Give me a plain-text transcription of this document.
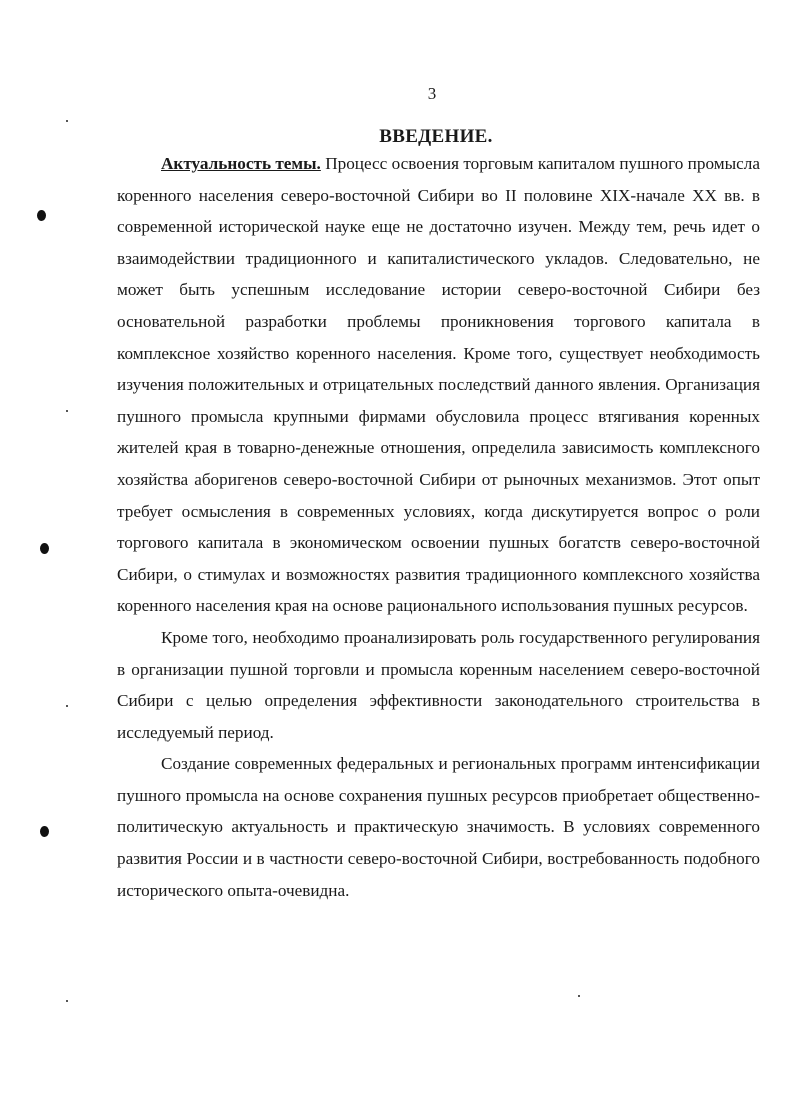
3
ВВЕДЕНИЕ.

Актуальность темы. Процесс освоения торговым капиталом пушного промысла коренного населения северо-восточной Сибири во II половине XIX-начале XX вв. в современной исторической науке еще не достаточно изучен. Между тем, речь идет о взаимодействии традиционного и капиталистического укладов. Следовательно, не может быть успешным исследование истории северо-восточной Сибири без основательной разработки проблемы проникновения торгового капитала в комплексное хозяйство коренного населения. Кроме того, существует необходимость изучения положительных и отрицательных последствий данного явления. Организация пушного промысла крупными фирмами обусловила процесс втягивания коренных жителей края в товарно-денежные отношения, определила зависимость комплексного хозяйства аборигенов северо-восточной Сибири от рыночных механизмов. Этот опыт требует осмысления в современных условиях, когда дискутируется вопрос о роли торгового капитала в экономическом освоении пушных богатств северо-восточной Сибири, о стимулах и возможностях развития традиционного комплексного хозяйства коренного населения края на основе рационального использования пушных ресурсов.

Кроме того, необходимо проанализировать роль государственного регулирования в организации пушной торговли и промысла коренным населением северо-восточной Сибири с целью определения эффективности законодательного строительства в исследуемый период.

Создание современных федеральных и региональных программ интенсификации пушного промысла на основе сохранения пушных ресурсов приобретает общественно-политическую актуальность и практическую значимость. В условиях современного развития России и в частности северо-восточной Сибири, востребованность подобного исторического опыта-очевидна.
